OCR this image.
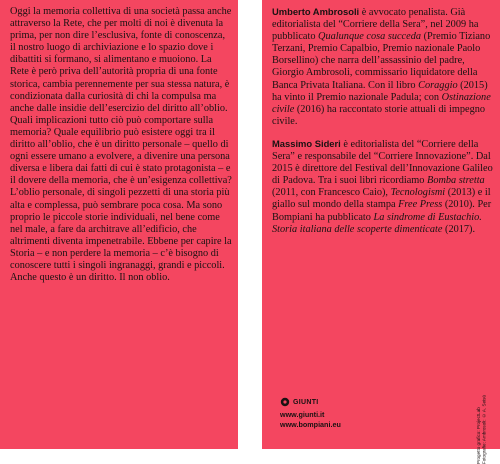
Oggi la memoria collettiva di una società passa anche attraverso la Rete, che per molti di noi è divenuta la prima, per non dire l’esclusiva, fonte di conoscenza, il nostro luogo di archiviazione e lo spazio dove i dibattiti si formano, si alimentano e muoiono. La Rete è però priva dell’autorità propria di una fonte storica, cambia perennemente per sua stessa natura, è condizionata dalla curiosità di chi la compulsa ma anche dalle insidie dell’esercizio del diritto all’oblio. Quali implicazioni tutto ciò può comportare sulla memoria? Quale equilibrio può esistere oggi tra il diritto all’oblio, che è un diritto personale – quello di ogni essere umano a evolvere, a divenire una persona diversa e libera dai fatti di cui è stato protagonista – e il dovere della memoria, che è un’esigenza collettiva? L’oblio personale, di singoli pezzetti di una storia più alta e complessa, può sembrare poca cosa. Ma sono proprio le piccole storie individuali, nel bene come nel male, a fare da architrave all’edificio, che altrimenti diventa impenetrabile. Ebbene per capire la Storia – e non perdere la memoria – c’è bisogno di conoscere tutti i singoli ingranaggi, grandi e piccoli. Anche questo è un diritto. Il non oblio.

Umberto Ambrosoli è avvocato penalista. Già editorialista del “Corriere della Sera”, nel 2009 ha pubblicato Qualunque cosa succeda (Premio Tiziano Terzani, Premio Capalbio, Premio nazionale Paolo Borsellino) che narra dell’assassinio del padre, Giorgio Ambrosoli, commissario liquidatore della Banca Privata Italiana. Con il libro Coraggio (2015) ha vinto il Premio nazionale Padula; con Ostinazione civile (2016) ha raccontato storie attuali di impegno civile.

Massimo Sideri è editorialista del “Corriere della Sera” e responsabile del “Corriere Innovazione”. Dal 2015 è direttore del Festival dell’Innovazione Galileo di Padova. Tra i suoi libri ricordiamo Bomba stretta (2011, con Francesco Caio), Tecnologismi (2013) e il giallo sul mondo della stampa Free Press (2010). Per Bompiani ha pubblicato La sindrome di Eustachio. Storia italiana delle scoperte dimenticate (2017).

GIUNTI
www.giunti.it
www.bompiani.eu	Progetto grafico: ProjectLab
Fotografie: Ambrosoli: © A. Seisù
